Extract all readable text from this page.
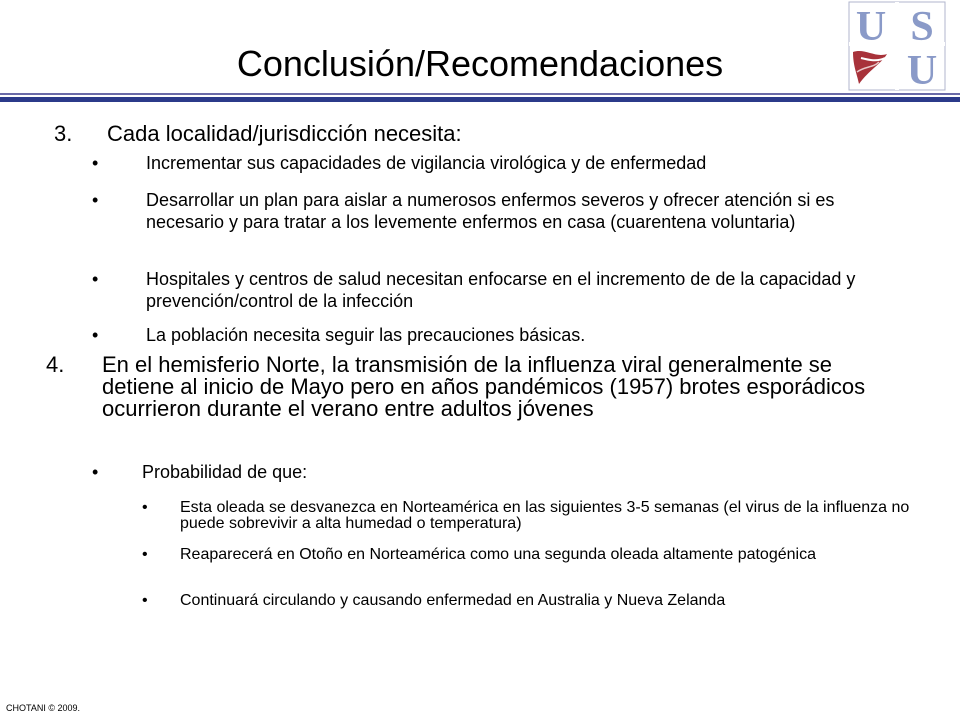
Conclusión/Recomendaciones
U S
U
3. Cada localidad/jurisdicción necesita:
•	Incrementar sus capacidades de vigilancia virológica y de enfermedad
•	Desarrollar un plan para aislar a numerosos enfermos severos y ofrecer atención si es necesario y para tratar a los levemente enfermos en casa (cuarentena voluntaria)
•	Hospitales y centros de salud necesitan enfocarse en el incremento de de la capacidad y prevención/control de la infección
•	La población necesita seguir las precauciones básicas.
4. En el hemisferio Norte, la transmisión de la influenza viral generalmente se detiene al inicio de Mayo pero en años pandémicos (1957) brotes esporádicos ocurrieron durante el verano entre adultos jóvenes
• Probabilidad de que:
• Esta oleada se desvanezca en Norteamérica en las siguientes 3-5 semanas (el virus de la influenza no puede sobrevivir a alta humedad o temperatura)
• Reaparecerá en Otoño en Norteamérica como una segunda oleada altamente patogénica
• Continuará circulando y causando enfermedad en Australia y Nueva Zelanda
CHOTANI © 2009.
